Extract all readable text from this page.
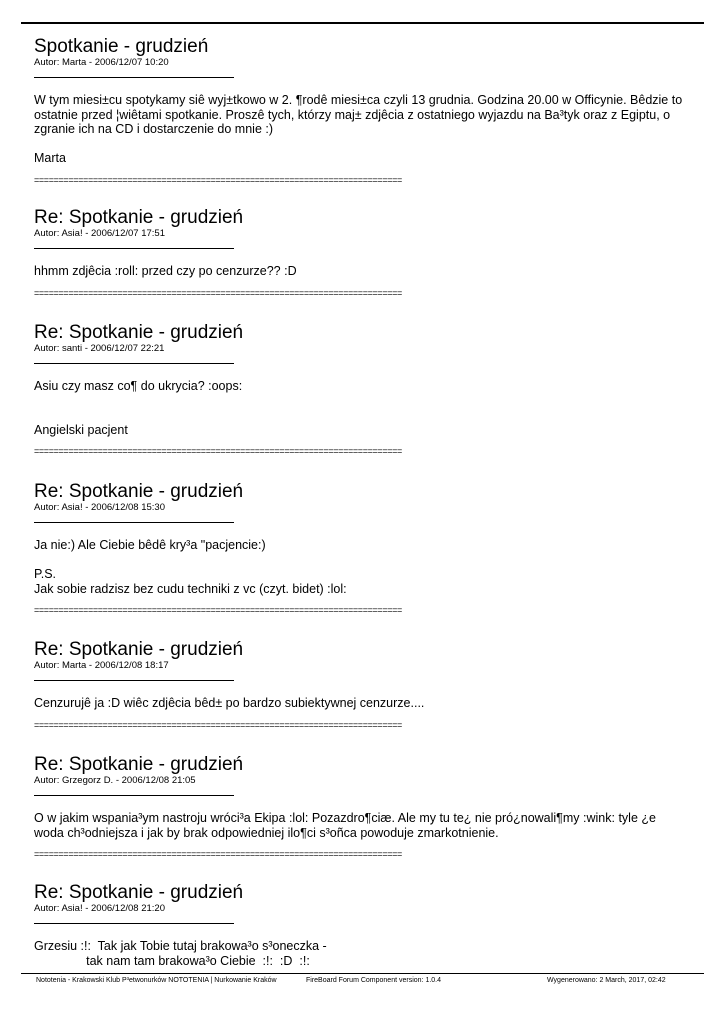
Spotkanie - grudzień
Autor: Marta - 2006/12/07 10:20

W tym miesi±cu spotykamy siê wyj±tkowo w 2. ¶rodê miesi±ca czyli 13 grudnia. Godzina 20.00 w Officynie. Bêdzie to ostatnie przed ¦wiêtami spotkanie. Proszê tych, którzy maj± zdjêcia z ostatniego wyjazdu na Ba³tyk oraz z Egiptu, o zgranie ich na CD i dostarczenie do mnie :)

Marta

===========================================================================
Re: Spotkanie - grudzień
Autor: Asia! - 2006/12/07 17:51

hhmm zdjêcia :roll: przed czy po cenzurze?? :D

===========================================================================
Re: Spotkanie - grudzień
Autor: santi - 2006/12/07 22:21

Asiu czy masz co¶ do ukrycia? :oops:

Angielski pacjent

===========================================================================
Re: Spotkanie - grudzień
Autor: Asia! - 2006/12/08 15:30

Ja nie:) Ale Ciebie bêdê kry³a "pacjencie:)

P.S.

Jak sobie radzisz bez cudu techniki z vc (czyt. bidet) :lol:

===========================================================================
Re: Spotkanie - grudzień
Autor: Marta - 2006/12/08 18:17

Cenzurujê ja :D wiêc zdjêcia bêd± po bardzo subiektywnej cenzurze....

===========================================================================
Re: Spotkanie - grudzień
Autor: Grzegorz D. - 2006/12/08 21:05

O w jakim wspania³ym nastroju wróci³a Ekipa :lol: Pozazdro¶ciæ. Ale my tu te¿ nie pró¿nowali¶my :wink: tyle ¿e woda ch³odniejsza i jak by brak odpowiedniej ilo¶ci s³oñca powoduje zmarkotnienie.

===========================================================================
Re: Spotkanie - grudzień
Autor: Asia! - 2006/12/08 21:20

Grzesiu :!:  Tak jak Tobie tutaj brakowa³o s³oneczka -

tak nam tam brakowa³o Ciebie  :!:  :D  :!:

Nototenia - Krakowski Klub P³etwonurków NOTOTENIA | Nurkowanie Kraków	FireBoard Forum Component version: 1.0.4	Wygenerowano: 2 March, 2017, 02:42
